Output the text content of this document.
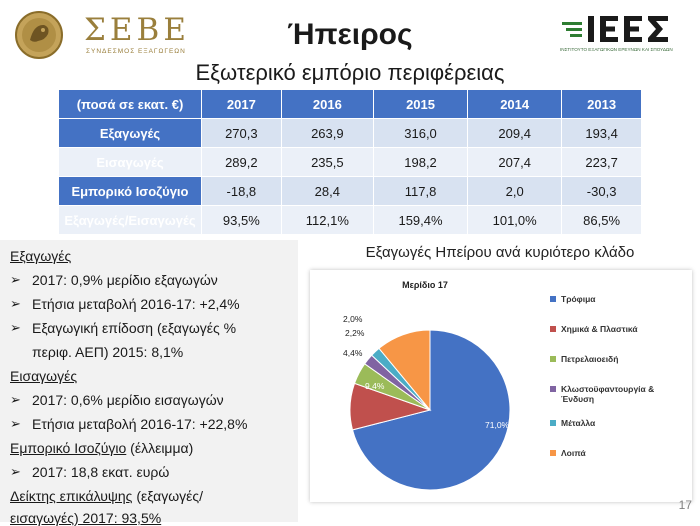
ΣΕΒΕ
ΣΥΝΔΕΣΜΟΣ ΕΞΑΓΩΓΕΩΝ	ΙΝΣΤΙΤΟΥΤΟ ΕΞΑΓΩΓΙΚΩΝ ΕΡΕΥΝΩΝ ΚΑΙ ΣΠΟΥΔΩΝ
Ήπειρος
Εξωτερικό εμπόριο περιφέρειας
(ποσά σε εκατ. €)	2017	2016	2015	2014	2013
Εξαγωγές	270,3	263,9	316,0	209,4	193,4
Εισαγωγές	289,2	235,5	198,2	207,4	223,7
Εμπορικό Ισοζύγιο	-18,8	28,4	117,8	2,0	-30,3
Εξαγωγές/Εισαγωγές	93,5%	112,1%	159,4%	101,0%	86,5%
Εξαγωγές
➢ 2017: 0,9% μερίδιο εξαγωγών
➢ Ετήσια μεταβολή 2016-17: +2,4%
➢ Εξαγωγική επίδοση (εξαγωγές %
περιφ. ΑΕΠ) 2015: 8,1%
Εισαγωγές
➢ 2017: 0,6% μερίδιο εισαγωγών
➢ Ετήσια μεταβολή 2016-17: +22,8%
Εμπορικό Ισοζύγιο (έλλειμμα)
➢ 2017: 18,8 εκατ. ευρώ
Δείκτης επικάλυψης (εξαγωγές/
εισαγωγές) 2017: 93,5%
Εξαγωγές Ηπείρου ανά κυριότερο κλάδο
Μερίδιο 17
71,0%
9,4%
4,4%
2,2%
2,0%
11,0%
Τρόφιμα
Χημικά & Πλαστικά
Πετρελαιοειδή
Κλωστοϋφαντουργία &
Ένδυση
Μέταλλα
Λοιπά
17
